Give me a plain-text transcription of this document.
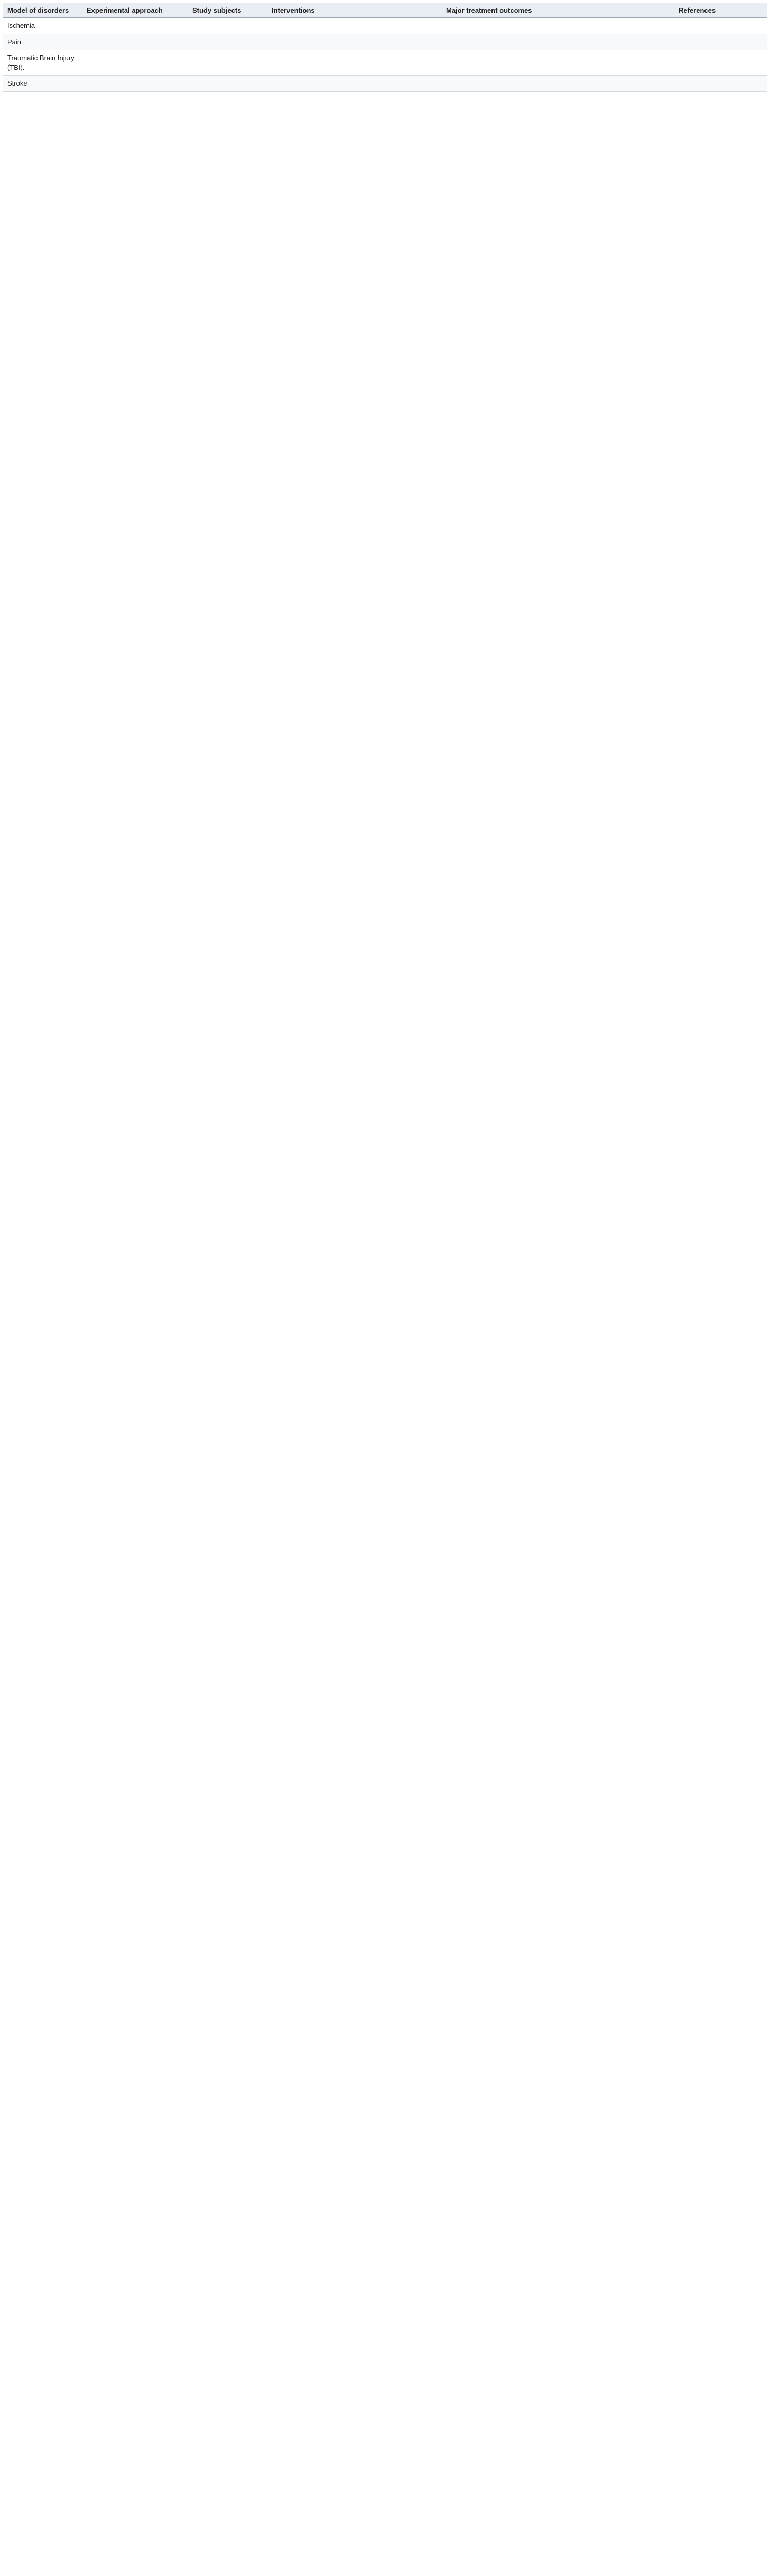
Model of disorders	Experimental approach	Study subjects	Interventions	Major treatment outcomes	References
Ischemia					
Pain					
Traumatic Brain Injury (TBI).					
Stroke					
